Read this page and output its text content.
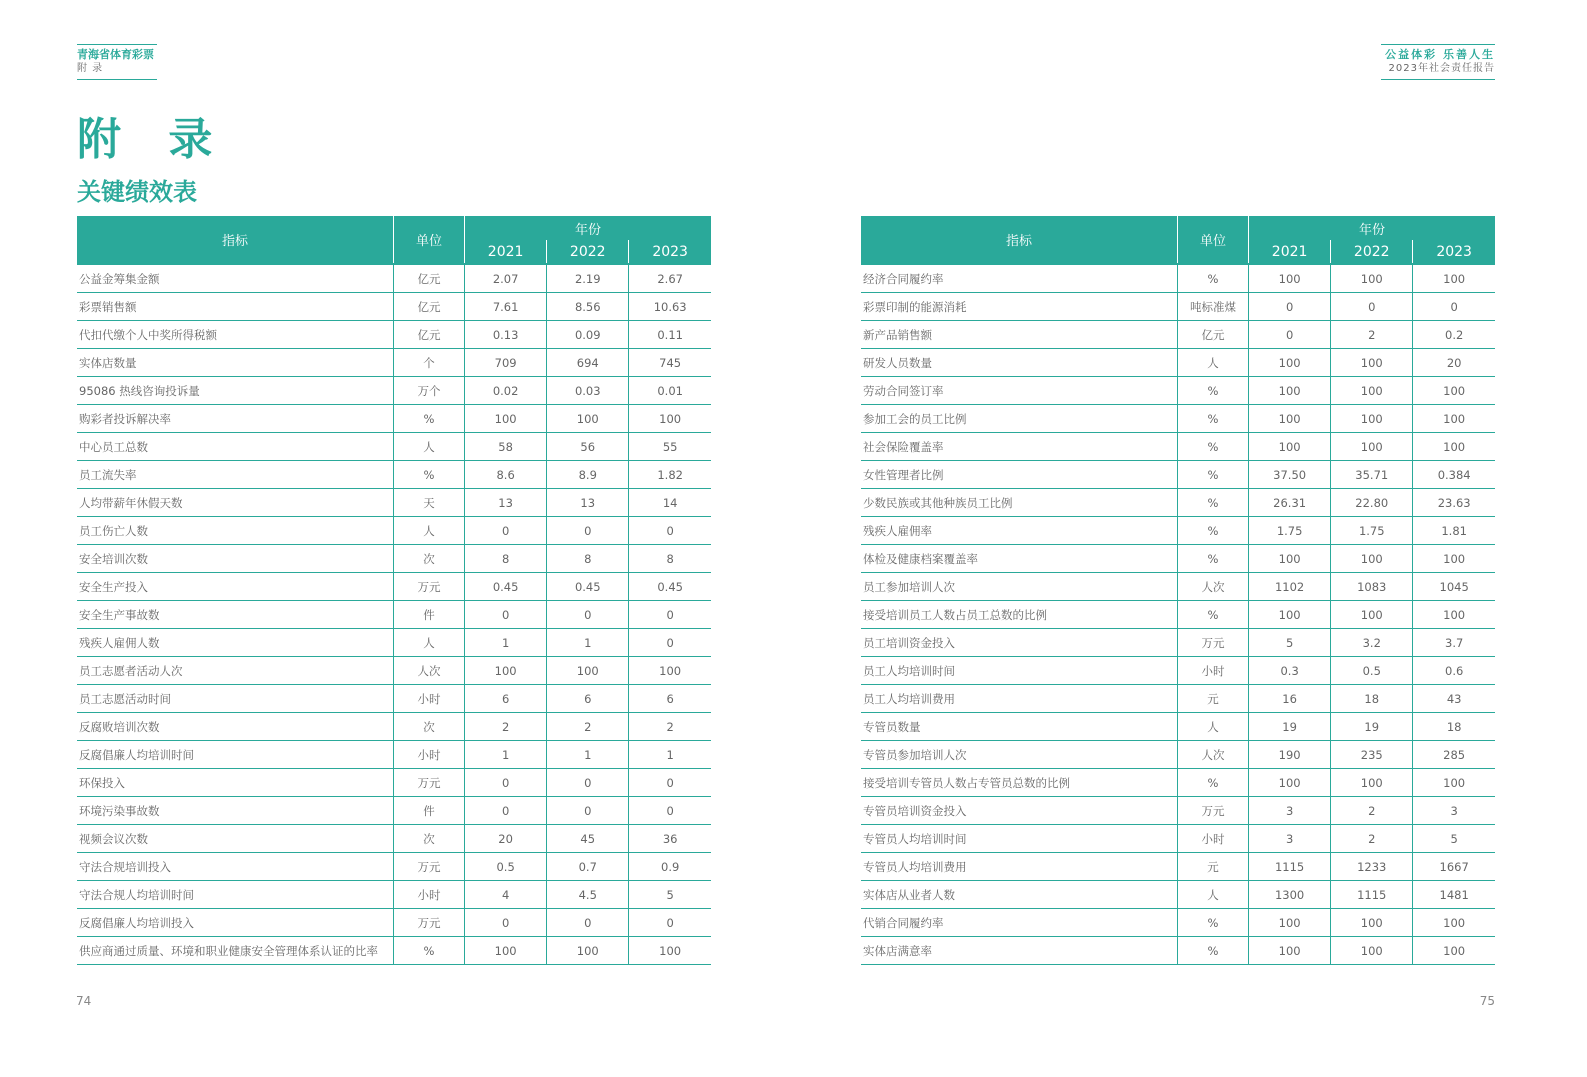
青海省体育彩票
附 录
附 录
关键绩效表
指标	单位	年份		
		2021	2022	2023
公益金筹集金额	亿元	2.07	2.19	2.67
彩票销售额	亿元	7.61	8.56	10.63
代扣代缴个人中奖所得税额	亿元	0.13	0.09	0.11
实体店数量	个	709	694	745
95086 热线咨询投诉量	万个	0.02	0.03	0.01
购彩者投诉解决率	%	100	100	100
中心员工总数	人	58	56	55
员工流失率	%	8.6	8.9	1.82
人均带薪年休假天数	天	13	13	14
员工伤亡人数	人	0	0	0
安全培训次数	次	8	8	8
安全生产投入	万元	0.45	0.45	0.45
安全生产事故数	件	0	0	0
残疾人雇佣人数	人	1	1	0
员工志愿者活动人次	人次	100	100	100
员工志愿活动时间	小时	6	6	6
反腐败培训次数	次	2	2	2
反腐倡廉人均培训时间	小时	1	1	1
环保投入	万元	0	0	0
环境污染事故数	件	0	0	0
视频会议次数	次	20	45	36
守法合规培训投入	万元	0.5	0.7	0.9
守法合规人均培训时间	小时	4	4.5	5
反腐倡廉人均培训投入	万元	0	0	0
供应商通过质量、环境和职业健康安全管理体系认证的比率	%	100	100	100
74
公益体彩 乐善人生
2023年社会责任报告
指标	单位	年份		
		2021	2022	2023
经济合同履约率	%	100	100	100
彩票印制的能源消耗	吨标准煤	0	0	0
新产品销售额	亿元	0	2	0.2
研发人员数量	人	100	100	20
劳动合同签订率	%	100	100	100
参加工会的员工比例	%	100	100	100
社会保险覆盖率	%	100	100	100
女性管理者比例	%	37.50	35.71	0.384
少数民族或其他种族员工比例	%	26.31	22.80	23.63
残疾人雇佣率	%	1.75	1.75	1.81
体检及健康档案覆盖率	%	100	100	100
员工参加培训人次	人次	1102	1083	1045
接受培训员工人数占员工总数的比例	%	100	100	100
员工培训资金投入	万元	5	3.2	3.7
员工人均培训时间	小时	0.3	0.5	0.6
员工人均培训费用	元	16	18	43
专管员数量	人	19	19	18
专管员参加培训人次	人次	190	235	285
接受培训专管员人数占专管员总数的比例	%	100	100	100
专管员培训资金投入	万元	3	2	3
专管员人均培训时间	小时	3	2	5
专管员人均培训费用	元	1115	1233	1667
实体店从业者人数	人	1300	1115	1481
代销合同履约率	%	100	100	100
实体店满意率	%	100	100	100
75
